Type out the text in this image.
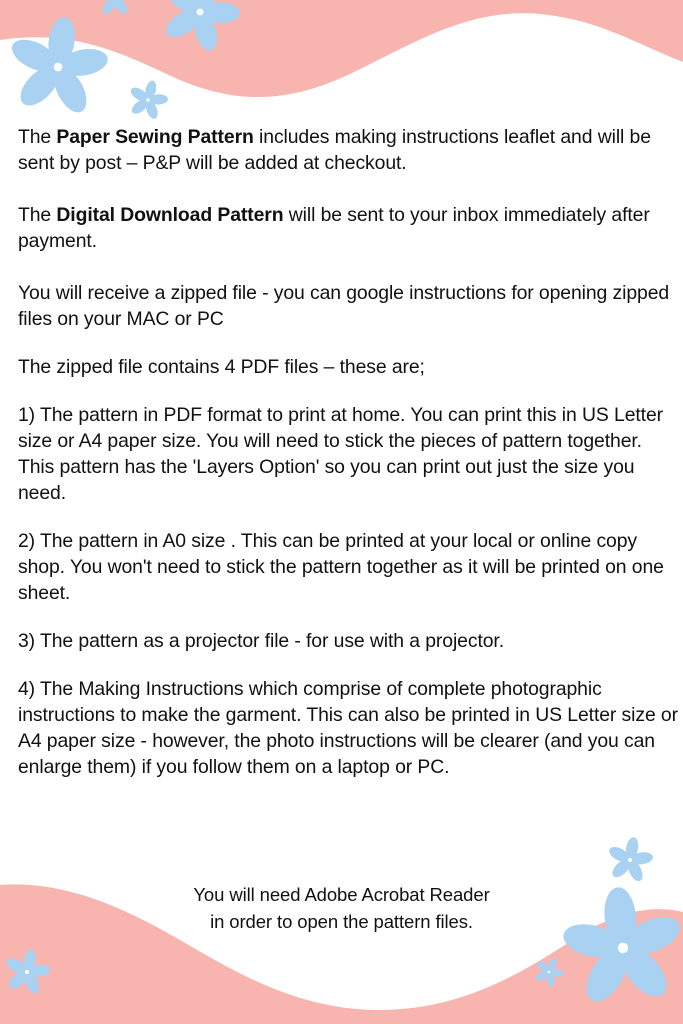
The Paper Sewing Pattern includes making instructions leaflet and will be sent by post – P&P will be added at checkout.

The Digital Download Pattern will be sent to your inbox immediately after payment.

You will receive a zipped file - you can google instructions for opening zipped files on your MAC or PC

The zipped file contains 4 PDF files – these are;

1) The pattern in PDF format to print at home. You can print this in US Letter size or A4 paper size. You will need to stick the pieces of pattern together. This pattern has the 'Layers Option' so you can print out just the size you need.

2) The pattern in A0 size . This can be printed at your local or online copy shop. You won't need to stick the pattern together as it will be printed on one sheet.

3) The pattern as a projector file - for use with a projector.

4) The Making Instructions which comprise of complete photographic instructions to make the garment. This can also be printed in US Letter size or A4 paper size - however, the photo instructions will be clearer (and you can enlarge them) if you follow them on a laptop or PC.

You will need Adobe Acrobat Reader
in order to open the pattern files.
